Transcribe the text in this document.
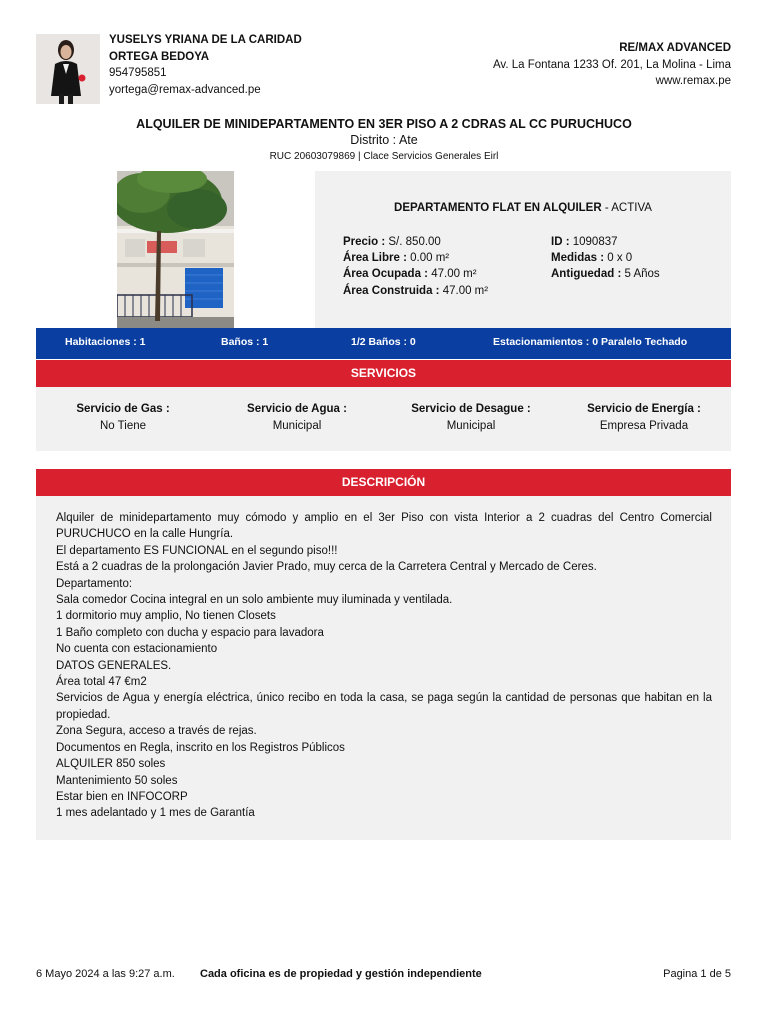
YUSELYS YRIANA DE LA CARIDAD ORTEGA BEDOYA
954795851
yortega@remax-advanced.pe
RE/MAX ADVANCED
Av. La Fontana 1233 Of. 201, La Molina - Lima
www.remax.pe
ALQUILER DE MINIDEPARTAMENTO EN 3ER PISO A 2 CDRAS AL CC PURUCHUCO
Distrito : Ate
RUC 20603079869 | Clace Servicios Generales Eirl
DEPARTAMENTO FLAT EN ALQUILER - ACTIVA
Precio : S/. 850.00	ID : 1090837
Área Libre : 0.00 m²	Medidas : 0 x 0
Área Ocupada : 47.00 m²	Antiguedad : 5 Años
Área Construida : 47.00 m²
Habitaciones : 1	Baños : 1	1/2 Baños : 0	Estacionamientos : 0 Paralelo Techado
SERVICIOS
Servicio de Gas :
No Tiene
Servicio de Agua :
Municipal
Servicio de Desague :
Municipal
Servicio de Energía :
Empresa Privada
DESCRIPCIÓN
Alquiler de minidepartamento muy cómodo y amplio en el 3er Piso con vista Interior a 2 cuadras del Centro Comercial PURUCHUCO en la calle Hungría.
El departamento ES FUNCIONAL en el segundo piso!!!
Está a 2 cuadras de la prolongación Javier Prado, muy cerca de la Carretera Central y Mercado de Ceres.
Departamento:
Sala comedor Cocina integral en un solo ambiente muy iluminada y ventilada.
1 dormitorio muy amplio, No tienen Closets
1 Baño completo con ducha y espacio para lavadora
No cuenta con estacionamiento
DATOS GENERALES.
Área total 47 €m2
Servicios de Agua y energía eléctrica, único recibo en toda la casa, se paga según la cantidad de personas que habitan en la propiedad.
Zona Segura, acceso a través de rejas.
Documentos en Regla, inscrito en los Registros Públicos
ALQUILER 850 soles
Mantenimiento 50 soles
Estar bien en INFOCORP
1 mes adelantado y 1 mes de Garantía
6 Mayo 2024 a las 9:27 a.m. Cada oficina es de propiedad y gestión independiente	Pagina 1 de 5
